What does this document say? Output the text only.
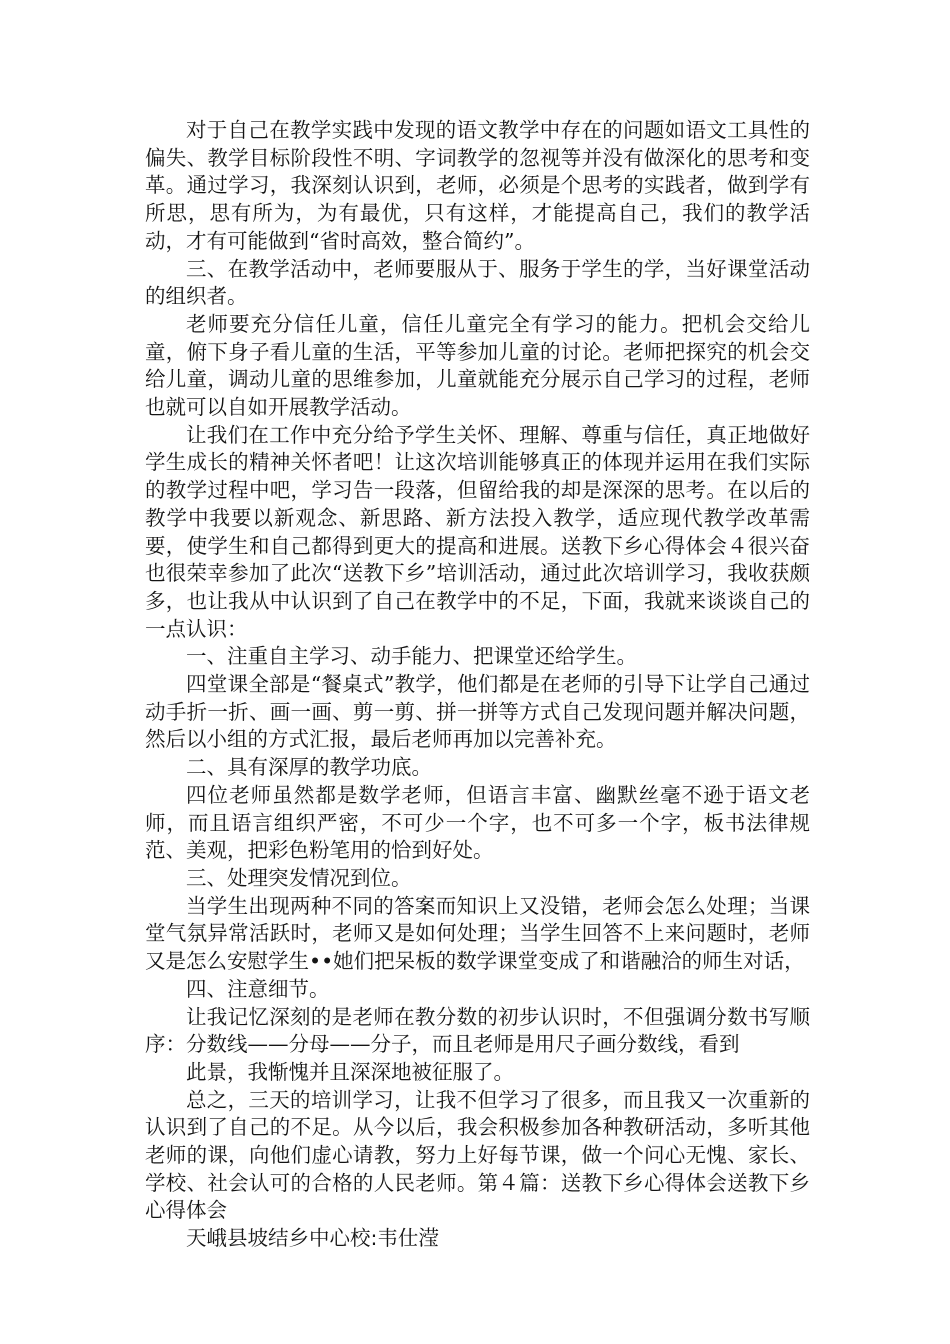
对于自己在教学实践中发现的语文教学中存在的问题如语文工具性的偏失、教学目标阶段性不明、字词教学的忽视等并没有做深化的思考和变革。通过学习，我深刻认识到，老师，必须是个思考的实践者，做到学有所思，思有所为，为有最优，只有这样，才能提高自己，我们的教学活动，才有可能做到“省时高效，整合简约”。

三、在教学活动中，老师要服从于、服务于学生的学，当好课堂活动的组织者。

老师要充分信任儿童，信任儿童完全有学习的能力。把机会交给儿童，俯下身子看儿童的生活，平等参加儿童的讨论。老师把探究的机会交给儿童，调动儿童的思维参加，儿童就能充分展示自己学习的过程，老师也就可以自如开展教学活动。

让我们在工作中充分给予学生关怀、理解、尊重与信任，真正地做好学生成长的精神关怀者吧！让这次培训能够真正的体现并运用在我们实际的教学过程中吧，学习告一段落，但留给我的却是深深的思考。在以后的教学中我要以新观念、新思路、新方法投入教学，适应现代教学改革需要，使学生和自己都得到更大的提高和进展。送教下乡心得体会４很兴奋也很荣幸参加了此次“送教下乡”培训活动，通过此次培训学习，我收获颇多，也让我从中认识到了自己在教学中的不足，下面，我就来谈谈自己的一点认识：

一、注重自主学习、动手能力、把课堂还给学生。

四堂课全部是“餐桌式”教学，他们都是在老师的引导下让学自己通过动手折一折、画一画、剪一剪、拼一拼等方式自己发现问题并解决问题，然后以小组的方式汇报，最后老师再加以完善补充。

二、具有深厚的教学功底。

四位老师虽然都是数学老师，但语言丰富、幽默丝毫不逊于语文老师，而且语言组织严密，不可少一个字，也不可多一个字，板书法律规范、美观，把彩色粉笔用的恰到好处。

三、处理突发情况到位。

当学生出现两种不同的答案而知识上又没错，老师会怎么处理；当课堂气氛异常活跃时，老师又是如何处理；当学生回答不上来问题时，老师又是怎么安慰学生••她们把呆板的数学课堂变成了和谐融洽的师生对话，

四、注意细节。

让我记忆深刻的是老师在教分数的初步认识时，不但强调分数书写顺序：分数线——分母——分子，而且老师是用尺子画分数线，看到

此景，我惭愧并且深深地被征服了。

总之，三天的培训学习，让我不但学习了很多，而且我又一次重新的认识到了自己的不足。从今以后，我会积极参加各种教研活动，多听其他老师的课，向他们虚心请教，努力上好每节课，做一个问心无愧、家长、学校、社会认可的合格的人民老师。第４篇：送教下乡心得体会送教下乡心得体会

天峨县坡结乡中心校:韦仕滢
